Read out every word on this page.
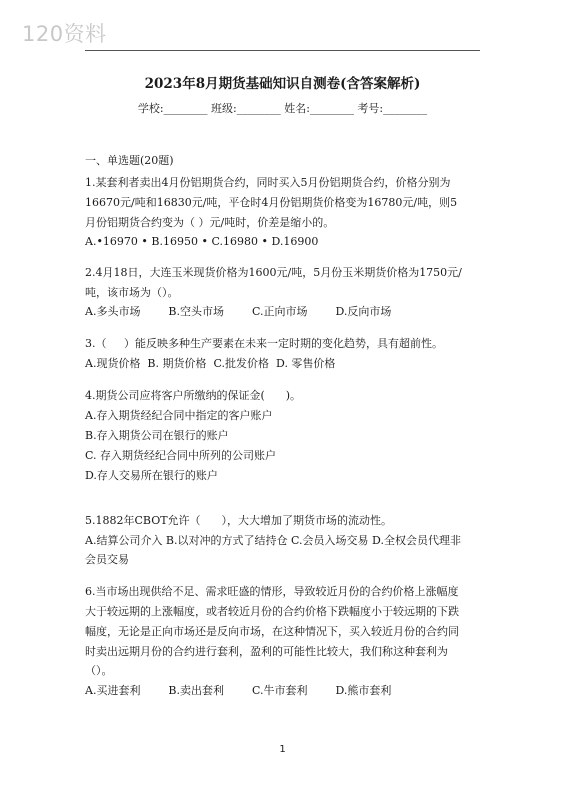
120资料
2023年8月期货基础知识自测卷(含答案解析)
学校:________ 班级:________ 姓名:________ 考号:________
一、单选题(20题)
1.某套利者卖出4月份铝期货合约，同时买入5月份铝期货合约，价格分别为
16670元/吨和16830元/吨，平仓时4月份铝期货价格变为16780元/吨，则5
月份铝期货合约变为（ ）元/吨时，价差是缩小的。
A.•16970 • B.16950 • C.16980 • D.16900
2.4月18日，大连玉米现货价格为1600元/吨，5月份玉米期货价格为1750元/
吨，该市场为（）。
A.多头市场        B.空头市场        C.正向市场        D.反向市场
3.（     ）能反映多种生产要素在未来一定时期的变化趋势，具有超前性。
A.现货价格  B. 期货价格  C.批发价格  D. 零售价格
4.期货公司应将客户所缴纳的保证金(      )。
A.存入期货经纪合同中指定的客户账户
B.存入期货公司在银行的账户
C. 存入期货经纪合同中所列的公司账户
D.存人交易所在银行的账户
5.1882年CBOT允许（      ），大大增加了期货市场的流动性。
A.结算公司介入 B.以对冲的方式了结持仓 C.会员入场交易 D.全权会员代理非
会员交易
6.当市场出现供给不足、需求旺盛的情形，导致较近月份的合约价格上涨幅度
大于较远期的上涨幅度，或者较近月份的合约价格下跌幅度小于较远期的下跌
幅度，无论是正向市场还是反向市场，在这种情况下，买入较近月份的合约同
时卖出远期月份的合约进行套利，盈利的可能性比较大，我们称这种套利为
（）。
A.买进套利        B.卖出套利        C.牛市套利        D.熊市套利
1
